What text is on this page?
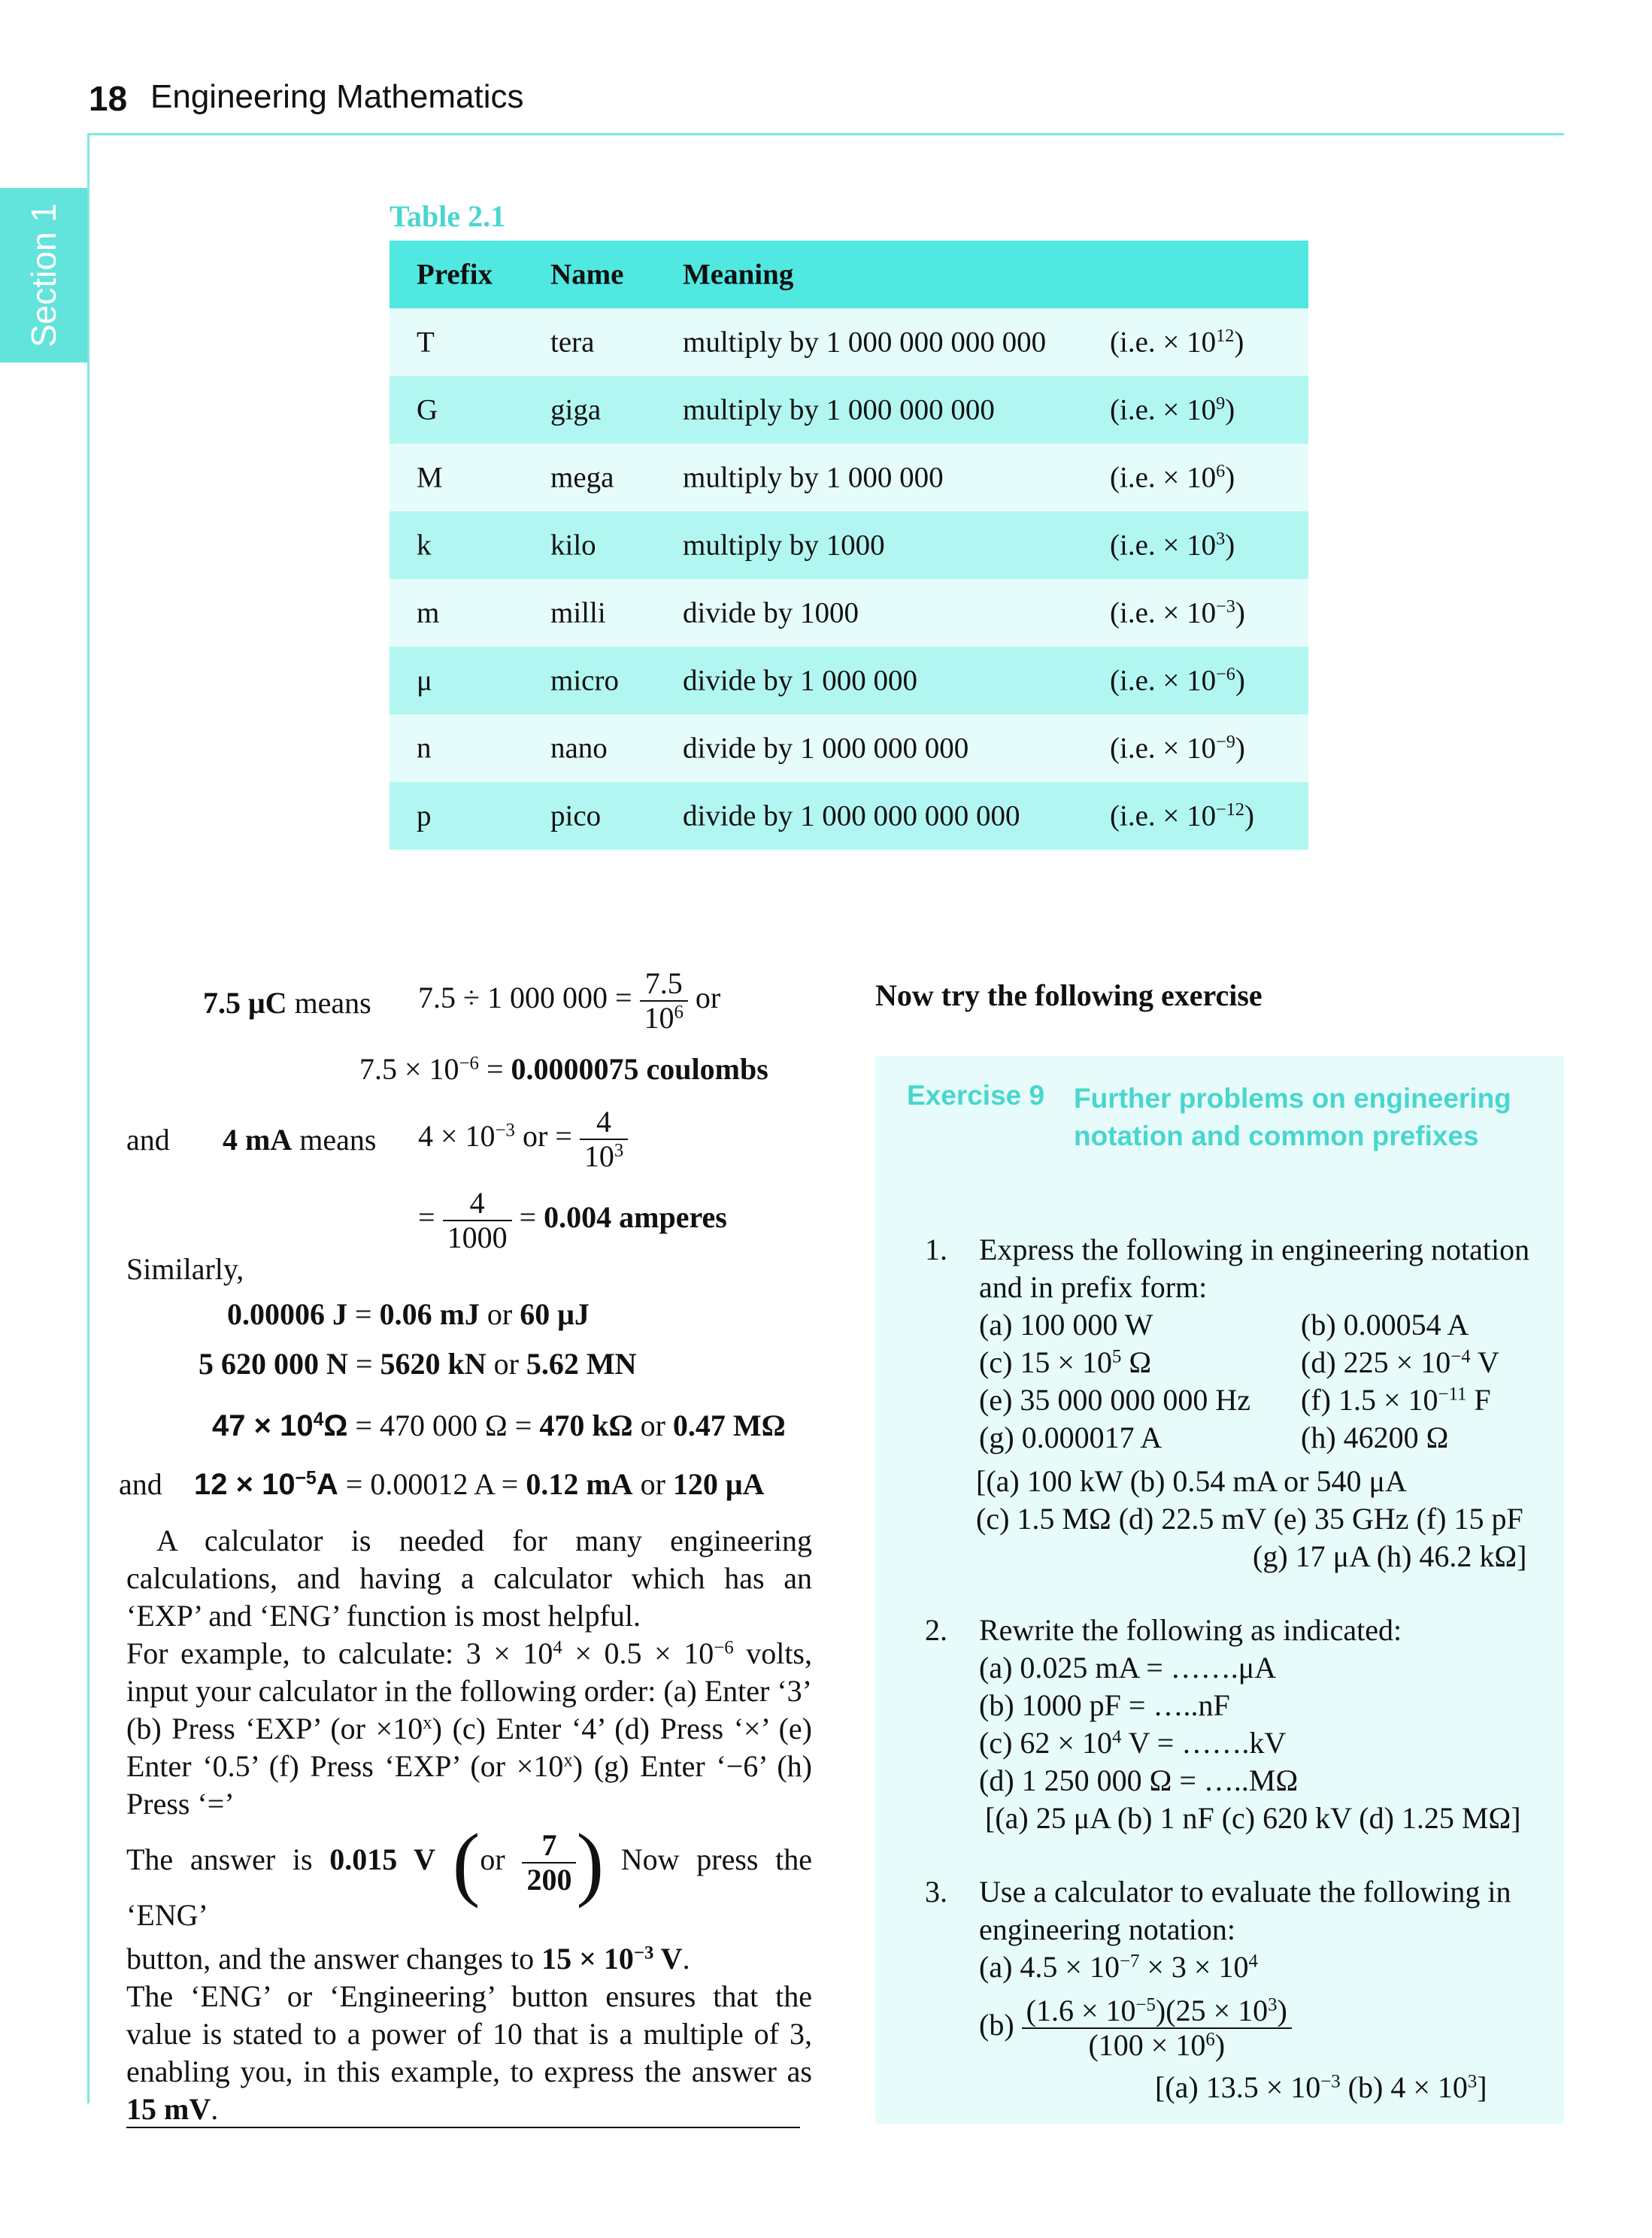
18 Engineering Mathematics
Section 1	Table 2.1
Prefix Name Meaning
T	tera	multiply by 1 000 000 000 000 (i.e. × $10^{12}$)
G	giga	multiply by 1 000 000 000	(i.e. × $10^9$)
M	mega multiply by 1 000 000	(i.e. × $10^6$)
k	kilo	multiply by 1000	(i.e. × $10^3$)
m	milli	divide by 1000	(i.e. × $10^{-3}$)
μ	micro divide by 1 000 000	(i.e. × $10^{-6}$)
n	nano	divide by 1 000 000 000	(i.e. × $10^{-9}$)
p	pico	divide by 1 000 000 000 000	(i.e. × $10^{-12}$)
7.5 μC means 7.5 ÷ 1 000 $000 = \frac{7.5}{10^6}$ or
$7.5 \times 10^{-6} = 0.0000075$ coulombs
and 4 mA means $4 \times 10^{-3}$ or = $\frac{4}{10^3}$
= $\frac{4}{1000} = 0.004$ amperes
Similarly,
0.00006 J = 0.06 mJ or 60 μJ
5 620 000 N = 5620 kN or 5.62 MN
$47 \times 10^4\Omega = 470$ 000 Ω = 470 kΩ or 0.47 MΩ
and $12 \times 10^{-5}A = 0.00012$ A = 0.12 mA or 120 μA

A calculator is needed for many engineering calculations, and having a calculator which has an ‘EXP’ and ‘ENG’ function is most helpful.

For example, to calculate: $3 \times 10^4 \times 0.5 \times 10^{-6}$ volts, input your calculator in the following order: (a) Enter ‘3’ (b) Press ‘EXP’ $(or \times 10^x)$ (c) Enter ‘4’ (d) Press ‘×’ (e) Enter ‘0.5’ (f) Press ‘EXP’ $(or \times 10^x)$ (g) Enter ‘−6’ (h) Press ‘=’

The answer is 0.015 V ($or \frac{7}{200}$ ) Now press the ‘ENG’

button, and the answer changes to $15 \times 10^{-3}$ V.

The ‘ENG’ or ‘Engineering’ button ensures that the value is stated to a power of 10 that is a multiple of 3, enabling you, in this example, to express the answer as 15 mV.

Now try the following exercise
Exercise 9 Further problems on engineering notation and common prefixes
1. Express the following in engineering notation
and in prefix form:
(a) 100 000 W	(b) 0.00054 A
(c) $15 \times 10^5$ Ω	(d) $225 \times 10^{-4}$ V
(e) 35 000 000 000 Hz (f) $1.5 \times 10^{-11}$ F
(g) 0.000017 A	(h) 46200 Ω
[(a) 100 kW (b) 0.54 mA or 540 μA
(c) 1.5 MΩ (d) 22.5 mV (e) 35 GHz (f) 15 pF
(g) 17 μA (h) 46.2 kΩ]
2. Rewrite the following as indicated:
(a) 0.025 mA = …….μA
(b) 1000 pF = …..nF
(c) $62 \times 10^4$ V = …….kV
(d) 1 250 000 Ω = …..MΩ
[(a) 25 μA (b) 1 nF (c) 620 kV (d) 1.25 MΩ]
3. Use a calculator to evaluate the following in
engineering notation:
(a) $4.5 \times 10^{-7} \times 3 \times 10^4$
$(b) \frac{(1.6 \times 10^{-5})(25 \times 10^3)}{(100 \times 10^6)}$
[(a) $13.5 \times 10^{-3}$ (b) $4 \times 10^3$]
